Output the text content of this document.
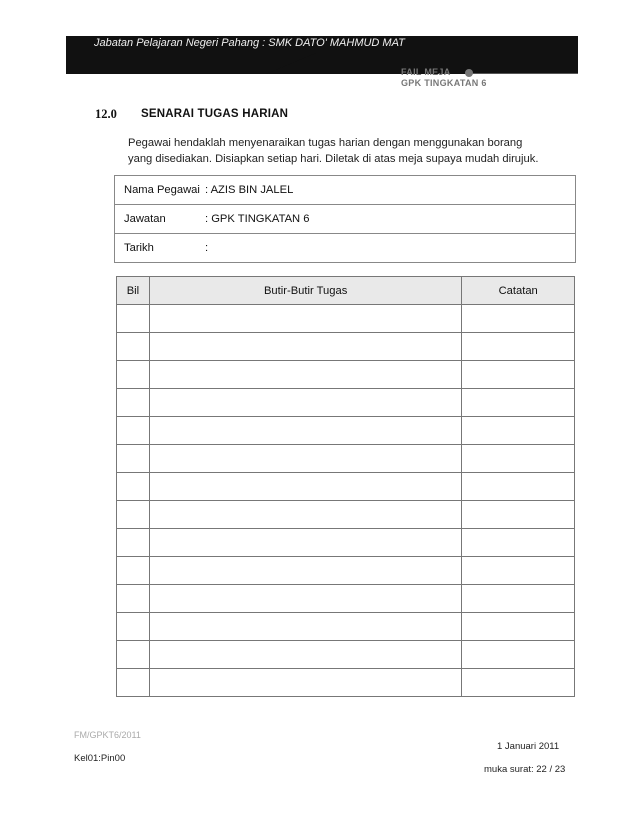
Jabatan Pelajaran Negeri Pahang : SMK DATO' MAHMUD MAT
FAIL MEJA
GPK TINGKATAN 6
12.0 SENARAI TUGAS HARIAN
Pegawai hendaklah menyenaraikan tugas harian dengan menggunakan borang
yang disediakan. Disiapkan setiap hari. Diletak di atas meja supaya mudah dirujuk.
Nama Pegawai : AZIS BIN JALEL
Jawatan	: GPK TINGKATAN 6
Tarikh	:
Bil	Butir-Butir Tugas	Catatan

FM/GPKT6/2011
Kel01:Pin00
1 Januari 2011
muka surat: 22 / 23
